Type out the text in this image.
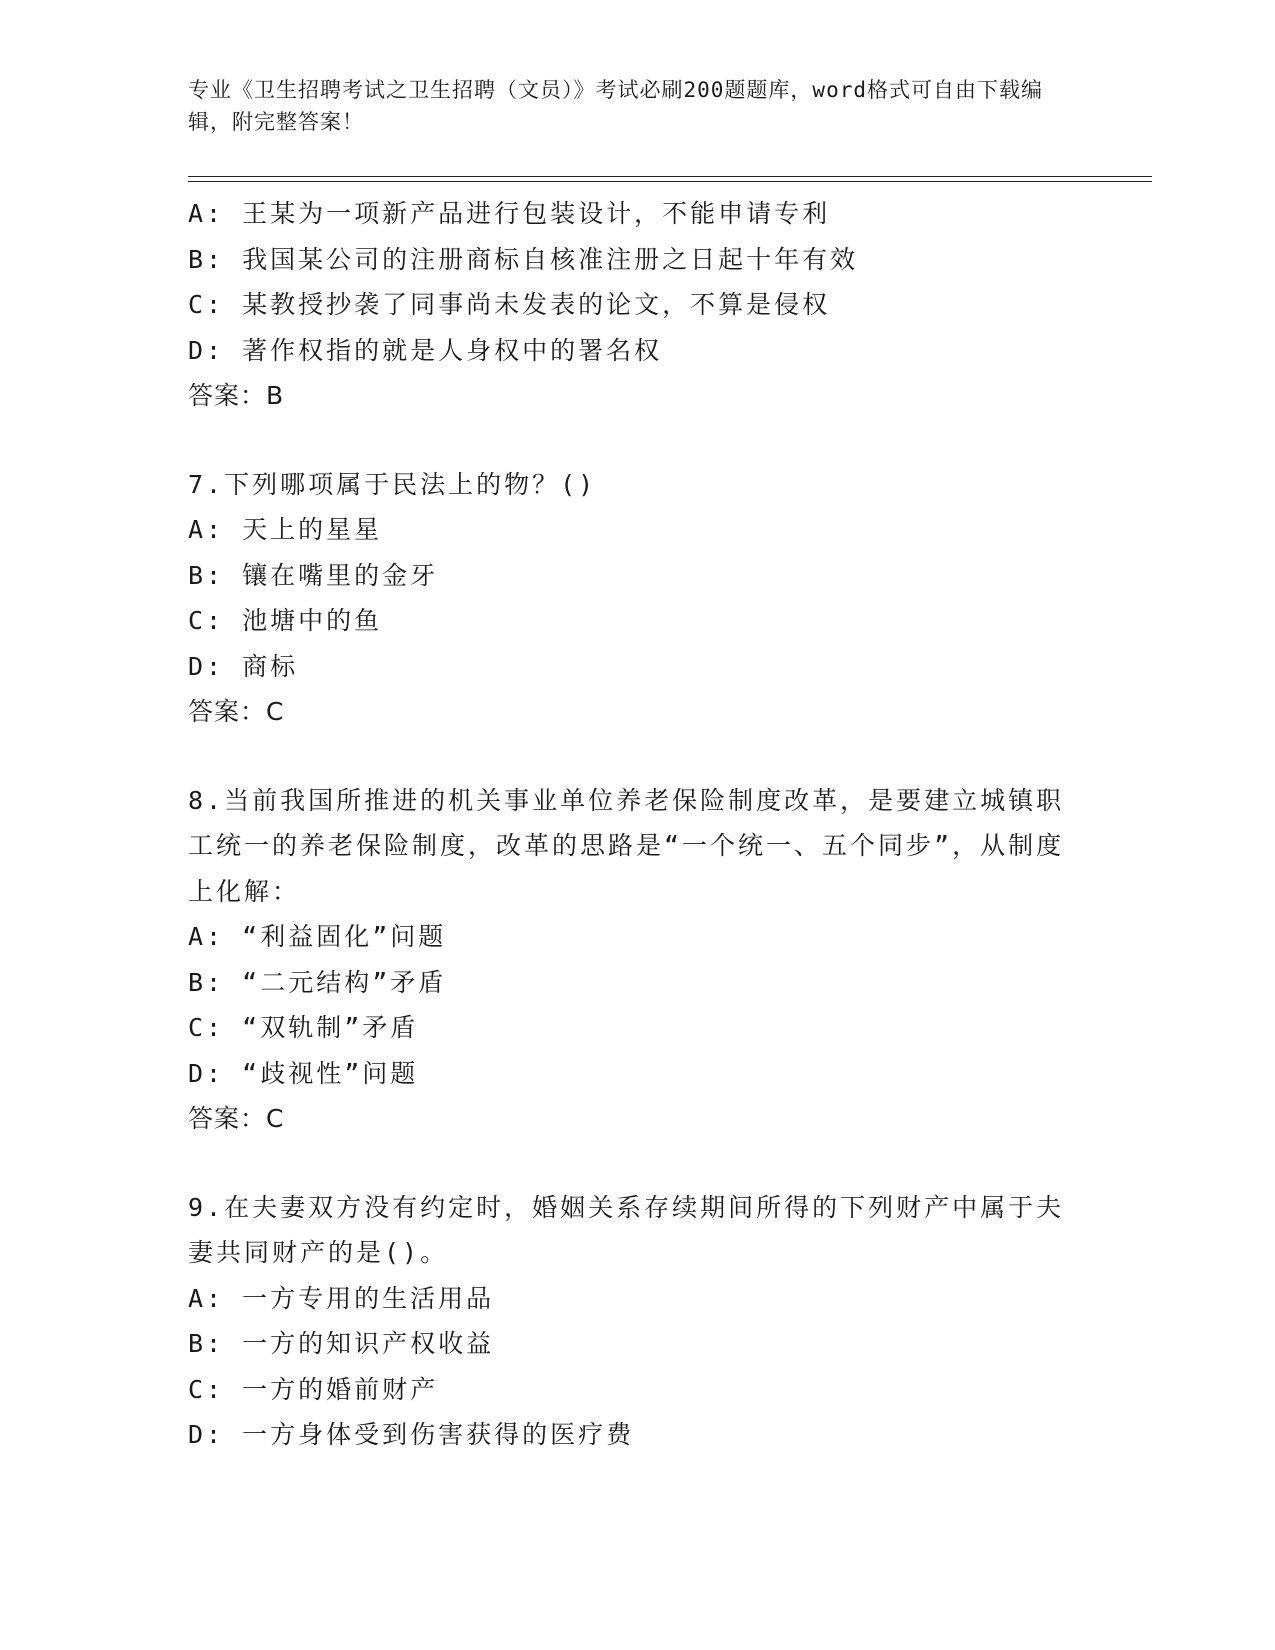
专业《卫生招聘考试之卫生招聘（文员）》考试必刷200题题库，word格式可自由下载编辑，附完整答案！
A: 王某为一项新产品进行包装设计，不能申请专利
B: 我国某公司的注册商标自核准注册之日起十年有效
C: 某教授抄袭了同事尚未发表的论文，不算是侵权
D: 著作权指的就是人身权中的署名权
答案：B
7.下列哪项属于民法上的物？()
A: 天上的星星
B: 镶在嘴里的金牙
C: 池塘中的鱼
D: 商标
答案：C
8.当前我国所推进的机关事业单位养老保险制度改革，是要建立城镇职工统一的养老保险制度，改革的思路是“一个统一、五个同步”，从制度上化解：
A: “利益固化”问题
B: “二元结构”矛盾
C: “双轨制”矛盾
D: “歧视性”问题
答案：C
9.在夫妻双方没有约定时，婚姻关系存续期间所得的下列财产中属于夫妻共同财产的是()。
A: 一方专用的生活用品
B: 一方的知识产权收益
C: 一方的婚前财产
D: 一方身体受到伤害获得的医疗费
